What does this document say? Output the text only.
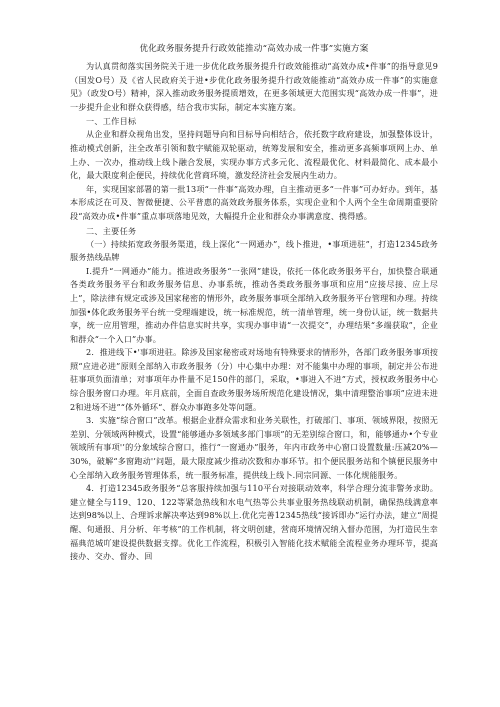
优化政务服务提升行政效能推动“高效办成一件事”实施方案

为认真贯彻落实国务院关于进一步优化政务服务提升行政效能推动“高效办成•件事”的指导意见9（国发O号）及《省人民政府关于进•步优化政务服务提升行政效能推动“高效办成一件事”的实施意见》（政发O号）精神，深入推动政务服务提质增效，在更多领域更大范围实现“高效办成一件事”，进一步提升企业和群众获得感，结合我市实际，制定本实施方案。

一、工作目标

从企业和群众视角出发，坚持问题导向和目标导向相结合，依托数字政府建设，加强整体设计，推动模式创新，注全改革引领和数字赋能双轮驱动，统筹发展和安全，推动更多高频事项网上办、单上办、一次办，推动线上线卜融合发展，实现办事方式多元化、流程最优化、材料最简化、成本最小化，最大限度利企便民，持续优化营商环境，激发经济社会发展内生动力。

年，实现国家部署的第一批13项“一件事”高效办理，自主推动更多“一件事”可办好办。到年，基本形成泛在可及、智微便捷、公平普惠的高效政务服务体系，实现企业和个人两个全生命周期重要阶段“高效办成•件事”重点事项落地见效，大幅提升企业和群众办事满意度、携得感。

二、主要任务

（一）持续拓宽政务服务渠道，线上深化“一网通办”，线卜推进，•事项进驻”，打造12345政务服务热线品牌

I.提升“一网通办”能力。推进政务服务“一张网”建设，依托一体化政务服务平台，加快整合联通各类政务服务平台和政务服务信息、办事系统，推动各类政务服务事项和应用“应接尽接、应上尽上”，除法律有规定或涉及国家秘密的情形外，政务服务事项全部纳入政务服务平台管理和办理。持续加强•体化政务服务平台统一受理端建设，统一标准规范，统一清单管理，统一身份认证，统一数据共享，统一应用管理，推动办件信息实时共享，实现办事申请“一次提交”，办理结果“多端获取”，企业和群众“一个入口”办事。

2．推进线下•'事项进驻。除涉及国家秘密或对场地有特殊要求的情形外，各部门政务服务事项按照“应进必进”原则全部纳入市政务服务（分）中心集中办理：对不能集中办理的事项，制定并公布进驻事项负面清单；对事项年办件量不足150件的部门，采取，•事进入不进”方式，授权政务服务中心综合服务窗口办理。年月底前，全面自查政务服务场所规范化建设情况，集中清理整治事项”应进未进2和进场不进”“体外循环“、群众办事跑多处等问题。

3．实施“综合窗口”改革。根据企业群众需求和业务关联性，打破部门、事项、领域界限，按照无差别、分领域两种模式，设置“能够通办多领域多部门事项”的无差别综合窗口，和，能够通办•个专业领域所有事项'’的分象域综合窗口，推行“一窗通办”服务，年内市政务中心窗口设置数量:压减20%—30%，破解“多窗跑动'’问题，最大限度减少推动次数和办事环节。扣个便民服务站和个镇便民服务中心全部纳入政务服务管理体系，统一服务标准，提供线上线卜.同宗同源、一体化规能服务。

4．打造12345政务服务“总客服持续加强与110平台对接联动效率，科学合理分流非警务求助。建立健全与119、120、122等紧急热线和水电气热等公共事业服务热线联动机制，确保热线满意率达到98%以上、合理诉求解决率达到98%以上.优化完善12345热线“接诉即办”运行办法，建立“周提醒、旬通报、月分析、年考核”的工作机制，将文明创建，营商环境情况纳入督办范围，为打造民生幸福典范城吖建设提供数据支撑。优化工作流程，积极引入智能化技术赋能全流程业务办理环节，提高接办、交办、督办、回
